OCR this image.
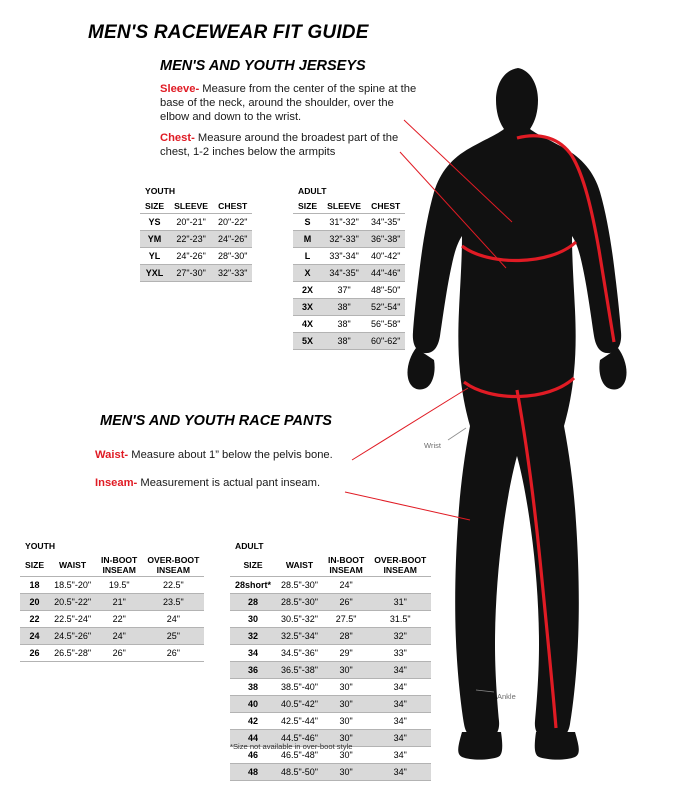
Wrist
Ankle
MEN'S RACEWEAR FIT GUIDE
MEN'S AND YOUTH JERSEYS
MEN'S AND YOUTH RACE PANTS
Sleeve- Measure from the center of the spine at the base of the neck, around the shoulder, over the elbow and down to the wrist.
Chest- Measure around the broadest part of the chest, 1-2 inches below the armpits
Waist- Measure about 1” below the pelvis bone.
Inseam- Measurement is actual pant inseam.
YOUTH		

SIZE	SLEEVE	CHEST

YS	20"-21"	20"-22"
YM	22"-23"	24"-26"
YL	24"-26"	28"-30"
YXL	27"-30"	32"-33"
ADULT		

SIZE	SLEEVE	CHEST

S	31"-32"	34"-35"
M	32"-33"	36"-38"
L	33"-34"	40"-42"
X	34"-35"	44"-46"
2X	37"	48"-50"
3X	38"	52"-54"
4X	38"	56"-58"
5X	38"	60"-62"
YOUTH			

SIZE	WAIST	IN-BOOT
INSEAM

OVER-BOOT
INSEAM

18	18.5"-20"	19.5"	22.5"
20	20.5"-22"	21"	23.5"
22	22.5"-24"	22"	24"
24	24.5"-26"	24"	25"
26	26.5"-28"	26"	26"
ADULT			

SIZE	WAIST	IN-BOOT
INSEAM

OVER-BOOT
INSEAM

28short*	28.5"-30"	24"	
28	28.5"-30"	26"	31"
30	30.5"-32"	27.5"	31.5"
32	32.5"-34"	28"	32"
34	34.5"-36"	29"	33"
36	36.5"-38"	30"	34"
38	38.5"-40"	30"	34"
40	40.5"-42"	30"	34"
42	42.5"-44"	30"	34"
44	44.5"-46"	30"	34"
46	46.5"-48"	30"	34"
48	48.5"-50"	30"	34"
*Size not available in over-boot style
